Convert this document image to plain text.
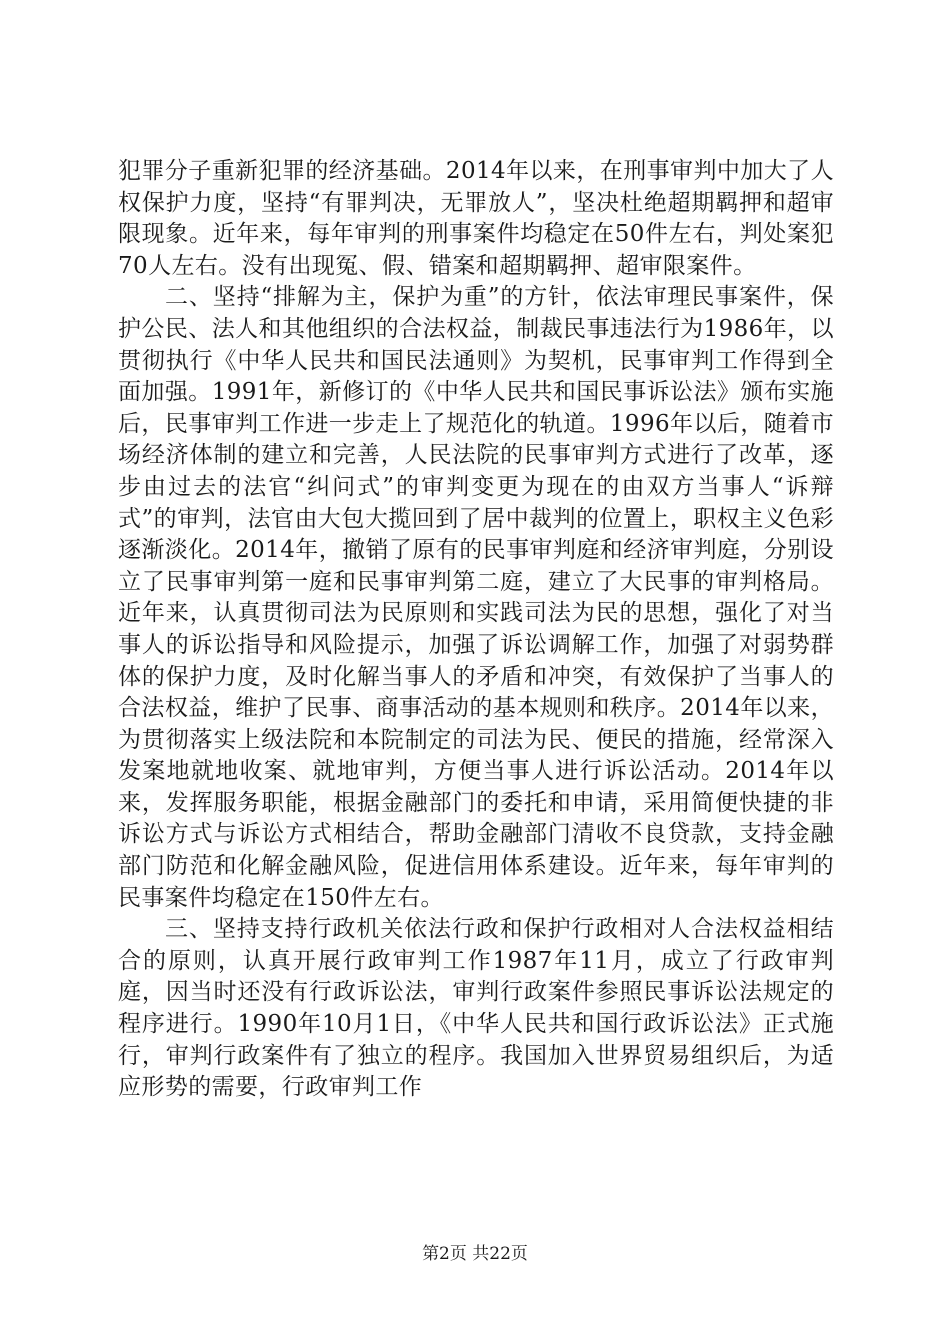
犯罪分子重新犯罪的经济基础。2014年以来，在刑事审判中加大了人权保护力度，坚持“有罪判决，无罪放人”，坚决杜绝超期羁押和超审限现象。近年来，每年审判的刑事案件均稳定在50件左右，判处案犯70人左右。没有出现冤、假、错案和超期羁押、超审限案件。

二、坚持“排解为主，保护为重”的方针，依法审理民事案件，保护公民、法人和其他组织的合法权益，制裁民事违法行为1986年，以贯彻执行《中华人民共和国民法通则》为契机，民事审判工作得到全面加强。1991年，新修订的《中华人民共和国民事诉讼法》颁布实施后，民事审判工作进一步走上了规范化的轨道。1996年以后，随着市场经济体制的建立和完善，人民法院的民事审判方式进行了改革，逐步由过去的法官“纠问式”的审判变更为现在的由双方当事人“诉辩式”的审判，法官由大包大揽回到了居中裁判的位置上，职权主义色彩逐渐淡化。2014年，撤销了原有的民事审判庭和经济审判庭，分别设立了民事审判第一庭和民事审判第二庭，建立了大民事的审判格局。近年来，认真贯彻司法为民原则和实践司法为民的思想，强化了对当事人的诉讼指导和风险提示，加强了诉讼调解工作，加强了对弱势群体的保护力度，及时化解当事人的矛盾和冲突，有效保护了当事人的合法权益，维护了民事、商事活动的基本规则和秩序。2014年以来，为贯彻落实上级法院和本院制定的司法为民、便民的措施，经常深入发案地就地收案、就地审判，方便当事人进行诉讼活动。2014年以来，发挥服务职能，根据金融部门的委托和申请，采用简便快捷的非诉讼方式与诉讼方式相结合，帮助金融部门清收不良贷款，支持金融部门防范和化解金融风险，促进信用体系建设。近年来，每年审判的民事案件均稳定在150件左右。

三、坚持支持行政机关依法行政和保护行政相对人合法权益相结合的原则，认真开展行政审判工作1987年11月，成立了行政审判庭，因当时还没有行政诉讼法，审判行政案件参照民事诉讼法规定的程序进行。1990年10月1日，《中华人民共和国行政诉讼法》正式施行，审判行政案件有了独立的程序。我国加入世界贸易组织后，为适应形势的需要，行政审判工作

第2页 共22页
